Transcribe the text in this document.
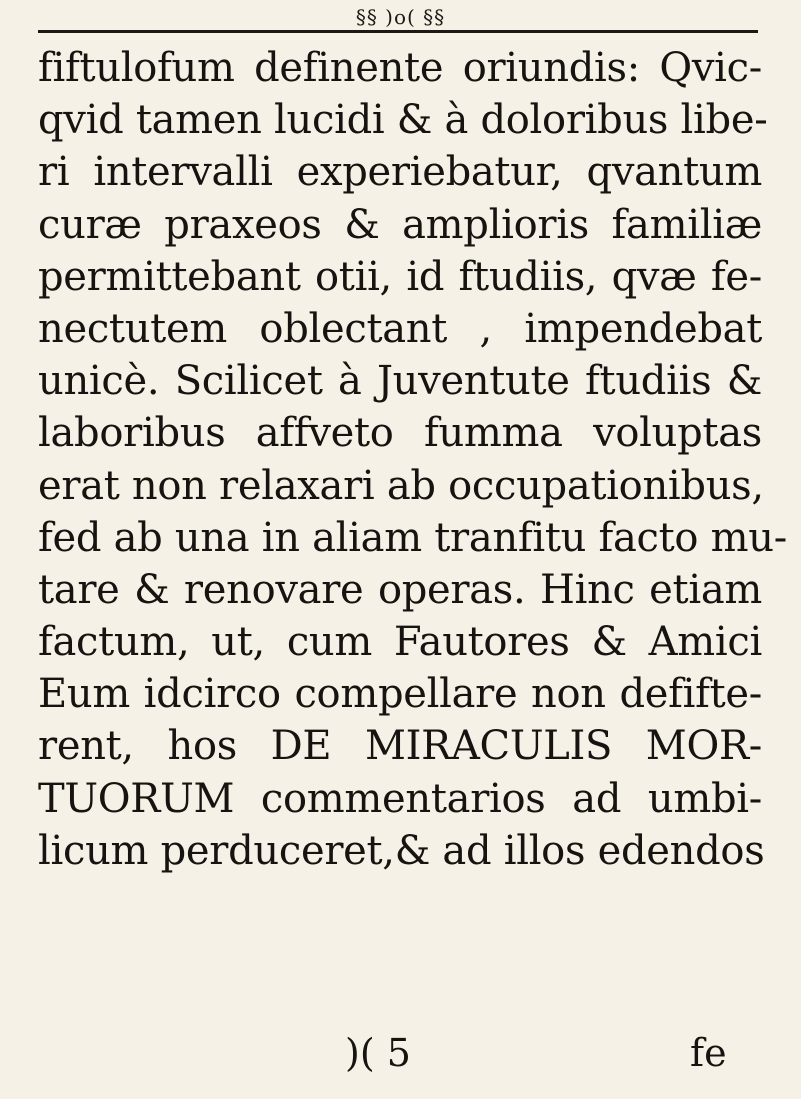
§§ )o( §§
fiftulofum definente oriundis: Qvic-
qvid tamen lucidi & à doloribus libe-
ri intervalli experiebatur, qvantum
curæ praxeos & amplioris familiæ
permittebant otii, id ftudiis, qvæ fe-
nectutem oblectant , impendebat
unicè. Scilicet à Juventute ftudiis &
laboribus affveto fumma voluptas
erat non relaxari ab occupationibus,
fed ab una in aliam tranfitu facto mu-
tare & renovare operas. Hinc etiam
factum, ut, cum Fautores & Amici
Eum idcirco compellare non defifte-
rent, hos DE MIRACULIS MOR-
TUORUM commentarios ad umbi-
licum perduceret,& ad illos edendos
)( 5	fe
